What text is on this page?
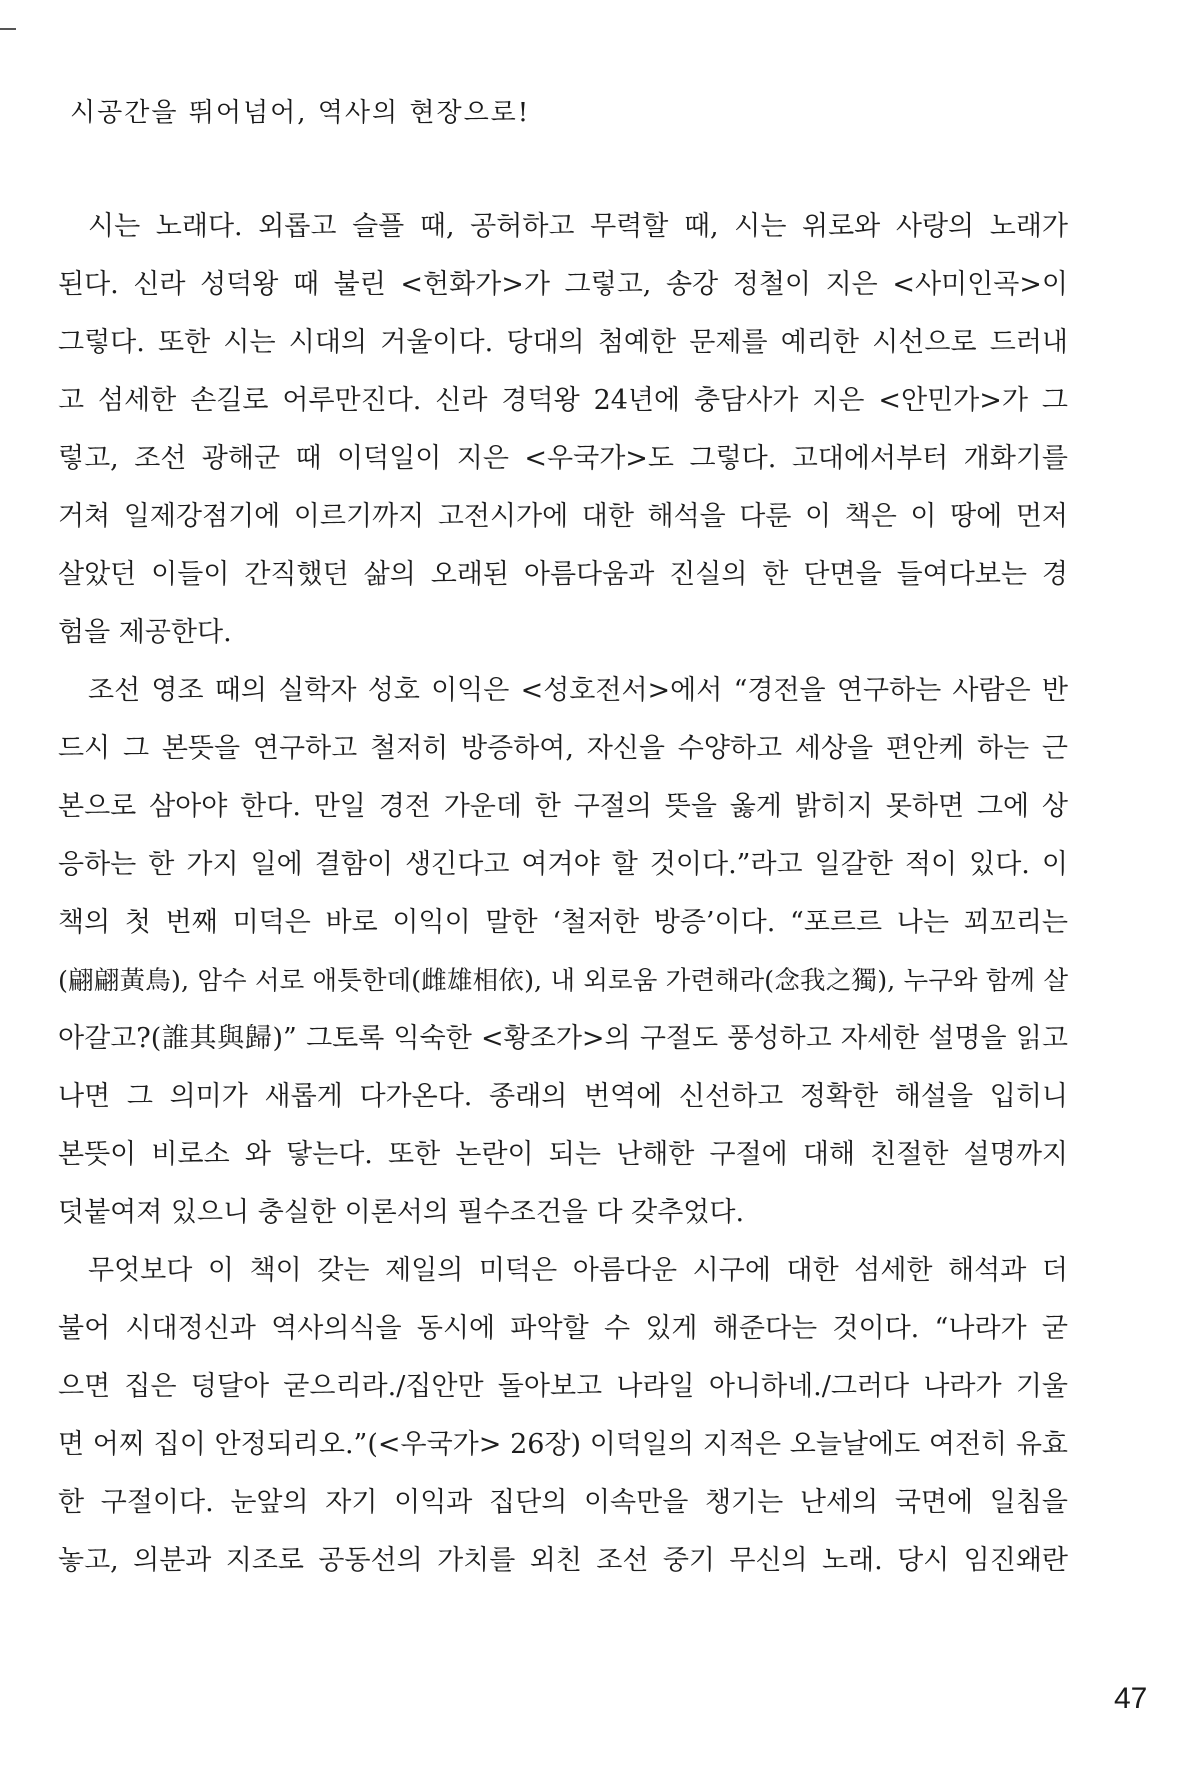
시공간을 뛰어넘어, 역사의 현장으로!
시는 노래다. 외롭고 슬플 때, 공허하고 무력할 때, 시는 위로와 사랑의 노래가
된다. 신라 성덕왕 때 불린 <헌화가>가 그렇고, 송강 정철이 지은 <사미인곡>이
그렇다. 또한 시는 시대의 거울이다. 당대의 첨예한 문제를 예리한 시선으로 드러내
고 섬세한 손길로 어루만진다. 신라 경덕왕 24년에 충담사가 지은 <안민가>가 그
렇고, 조선 광해군 때 이덕일이 지은 <우국가>도 그렇다. 고대에서부터 개화기를
거쳐 일제강점기에 이르기까지 고전시가에 대한 해석을 다룬 이 책은 이 땅에 먼저
살았던 이들이 간직했던 삶의 오래된 아름다움과 진실의 한 단면을 들여다보는 경
험을 제공한다.
조선 영조 때의 실학자 성호 이익은 <성호전서>에서 “경전을 연구하는 사람은 반
드시 그 본뜻을 연구하고 철저히 방증하여, 자신을 수양하고 세상을 편안케 하는 근
본으로 삼아야 한다. 만일 경전 가운데 한 구절의 뜻을 옳게 밝히지 못하면 그에 상
응하는 한 가지 일에 결함이 생긴다고 여겨야 할 것이다.”라고 일갈한 적이 있다. 이
책의 첫 번째 미덕은 바로 이익이 말한 ‘철저한 방증’이다. “포르르 나는 꾀꼬리는
(翩翩黃鳥), 암수 서로 애틋한데(雌雄相依), 내 외로움 가련해라(念我之獨), 누구와 함께 살
아갈고?(誰其與歸)” 그토록 익숙한 <황조가>의 구절도 풍성하고 자세한 설명을 읽고
나면 그 의미가 새롭게 다가온다. 종래의 번역에 신선하고 정확한 해설을 입히니
본뜻이 비로소 와 닿는다. 또한 논란이 되는 난해한 구절에 대해 친절한 설명까지
덧붙여져 있으니 충실한 이론서의 필수조건을 다 갖추었다.
무엇보다 이 책이 갖는 제일의 미덕은 아름다운 시구에 대한 섬세한 해석과 더
불어 시대정신과 역사의식을 동시에 파악할 수 있게 해준다는 것이다. “나라가 굳
으면 집은 덩달아 굳으리라./집안만 돌아보고 나라일 아니하네./그러다 나라가 기울
면 어찌 집이 안정되리오.”(<우국가> 26장) 이덕일의 지적은 오늘날에도 여전히 유효
한 구절이다. 눈앞의 자기 이익과 집단의 이속만을 챙기는 난세의 국면에 일침을
놓고, 의분과 지조로 공동선의 가치를 외친 조선 중기 무신의 노래. 당시 임진왜란
47
